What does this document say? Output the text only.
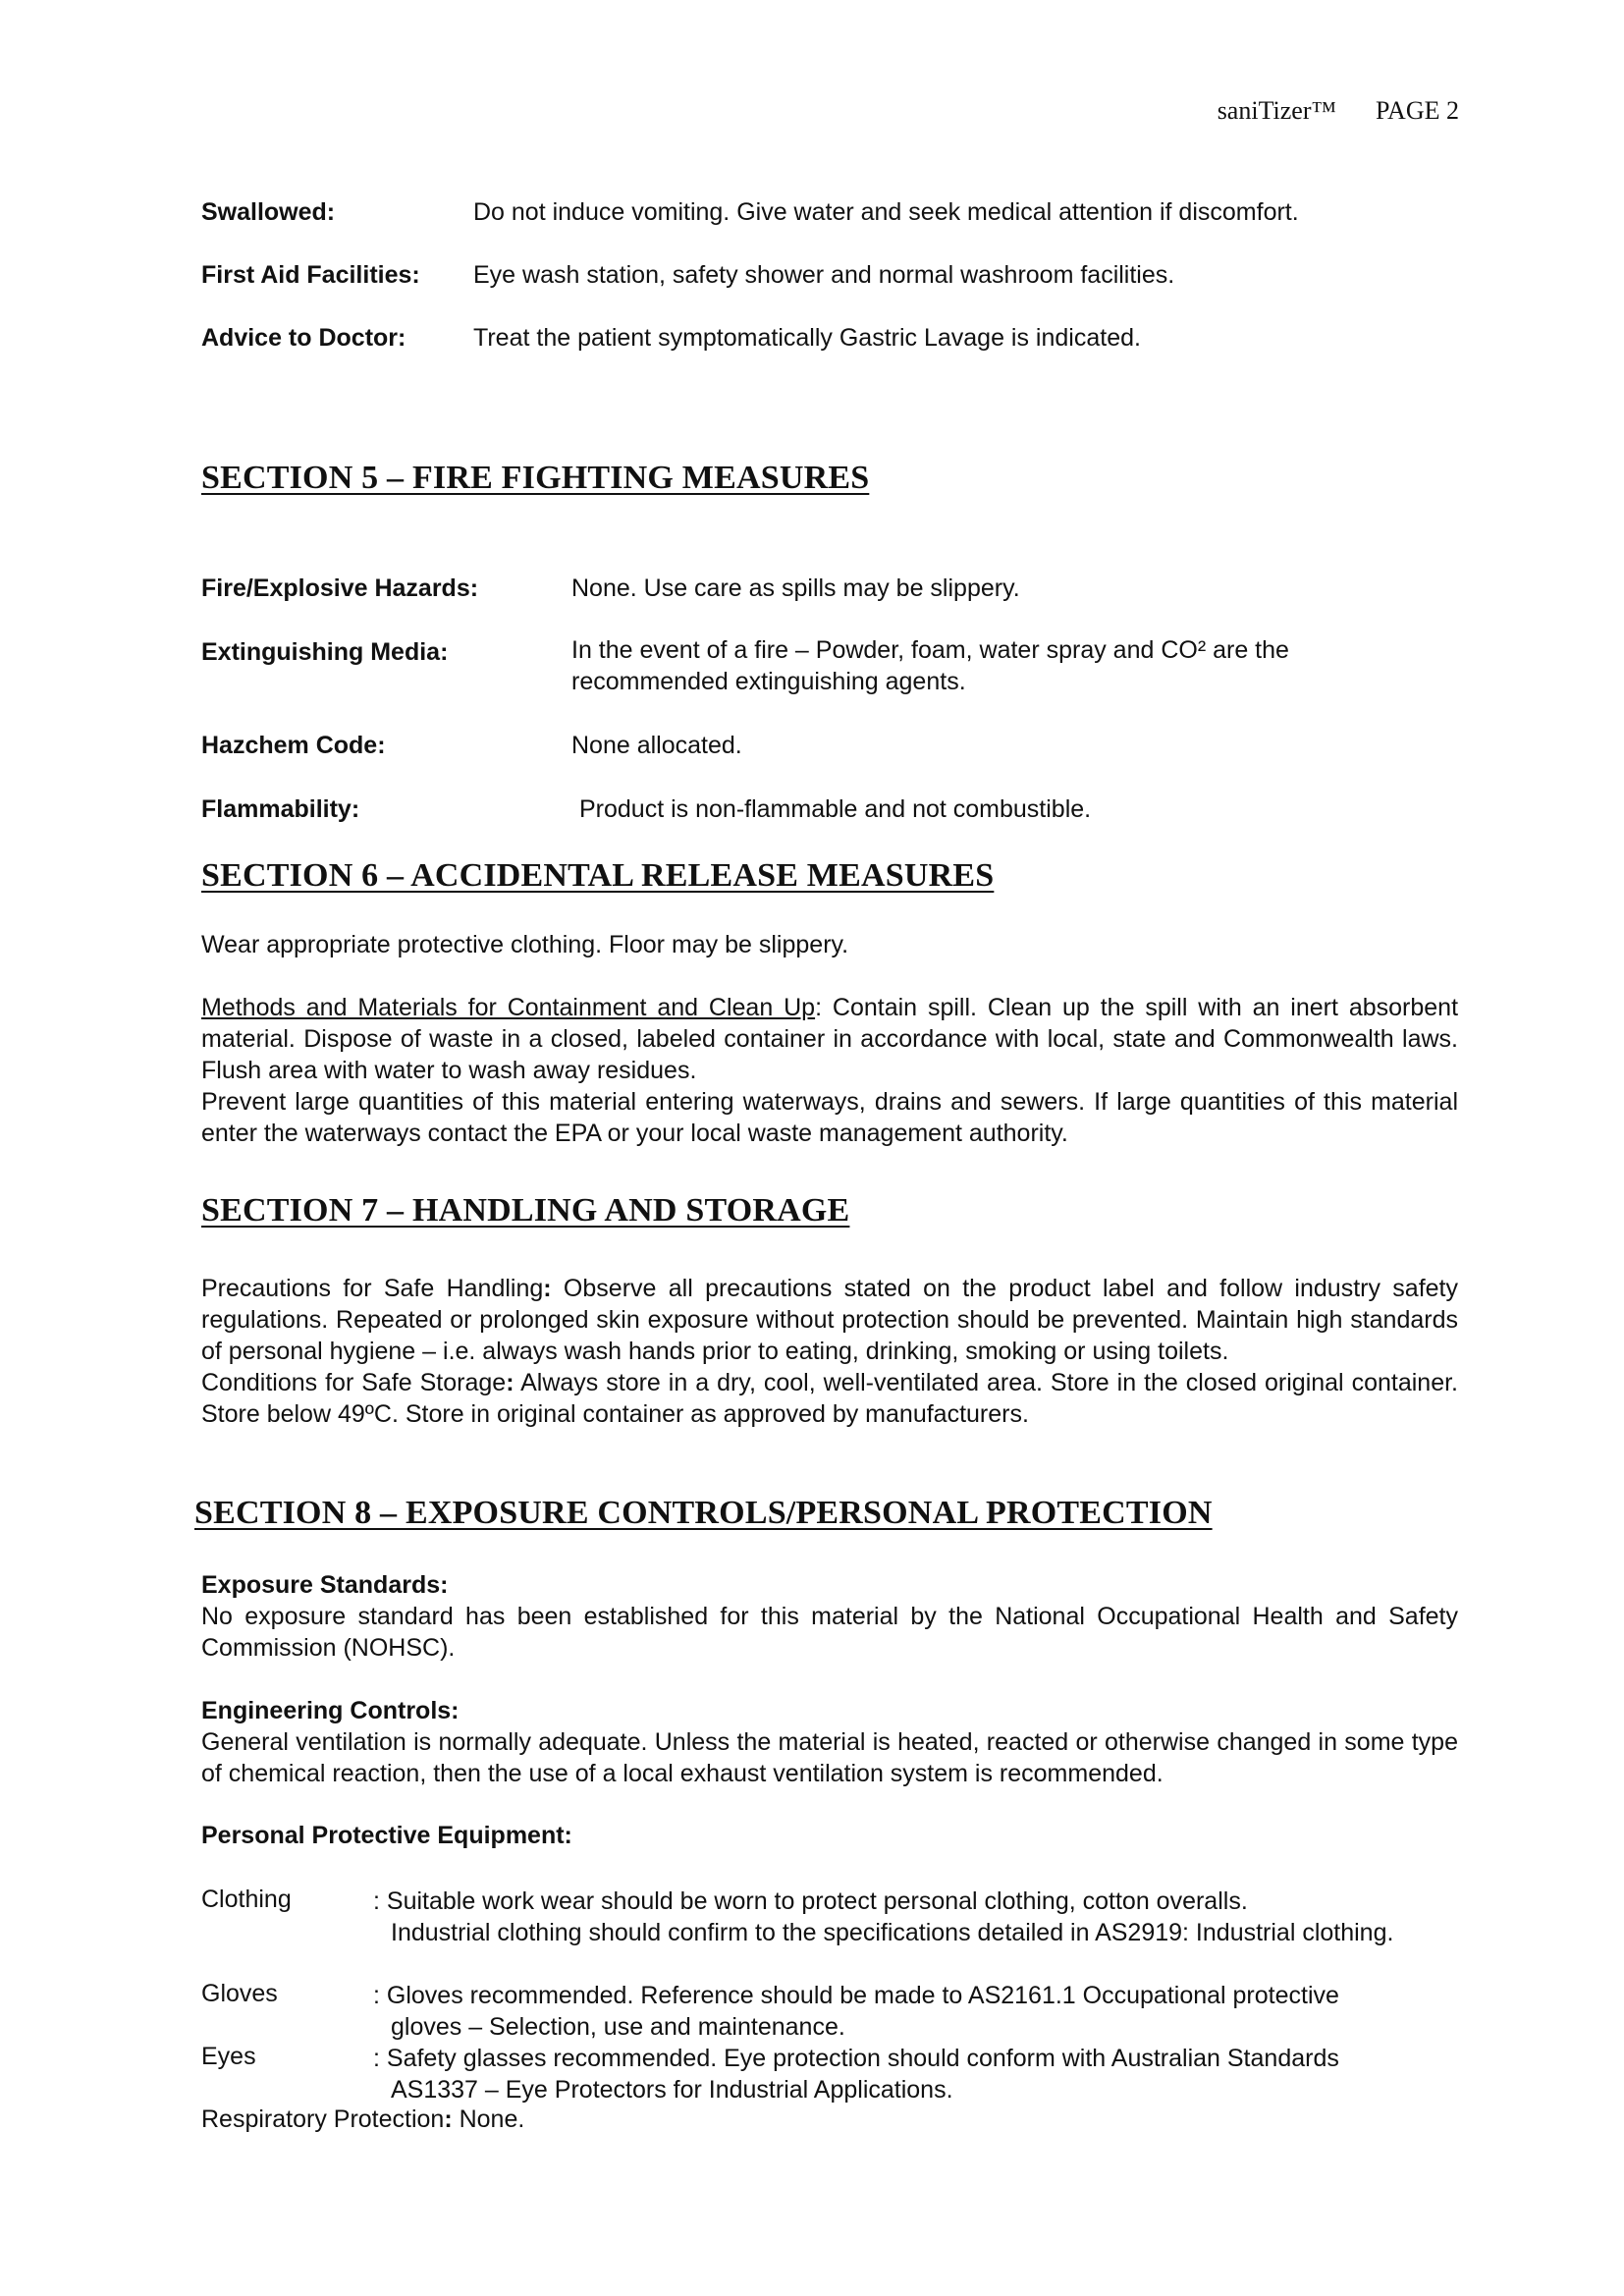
saniTizer™ PAGE 2
Swallowed:	Do not induce vomiting. Give water and seek medical attention if discomfort.
First Aid Facilities: Eye wash station, safety shower and normal washroom facilities.
Advice to Doctor:	Treat the patient symptomatically Gastric Lavage is indicated.
SECTION 5 – FIRE FIGHTING MEASURES
Fire/Explosive Hazards:	None. Use care as spills may be slippery.
Extinguishing Media:	In the event of a fire – Powder, foam, water spray and CO² are the
recommended extinguishing agents.
Hazchem Code:	None allocated.
Flammability:	Product is non-flammable and not combustible.
SECTION 6 – ACCIDENTAL RELEASE MEASURES

Wear appropriate protective clothing. Floor may be slippery.

Methods and Materials for Containment and Clean Up: Contain spill. Clean up the spill with an inert absorbent material. Dispose of waste in a closed, labeled container in accordance with local, state and Commonwealth laws. Flush area with water to wash away residues.

Prevent large quantities of this material entering waterways, drains and sewers. If large quantities of this material enter the waterways contact the EPA or your local waste management authority.

SECTION 7 – HANDLING AND STORAGE

Precautions for Safe Handling: Observe all precautions stated on the product label and follow industry safety regulations. Repeated or prolonged skin exposure without protection should be prevented. Maintain high standards of personal hygiene – i.e. always wash hands prior to eating, drinking, smoking or using toilets.

Conditions for Safe Storage: Always store in a dry, cool, well-ventilated area. Store in the closed original container. Store below 49ºC. Store in original container as approved by manufacturers.

SECTION 8 – EXPOSURE CONTROLS/PERSONAL PROTECTION

Exposure Standards:

No exposure standard has been established for this material by the National Occupational Health and Safety Commission (NOHSC).

Engineering Controls:

General ventilation is normally adequate. Unless the material is heated, reacted or otherwise changed in some type of chemical reaction, then the use of a local exhaust ventilation system is recommended.

Personal Protective Equipment:
Clothing	: Suitable work wear should be worn to protect personal clothing, cotton overalls.
Industrial clothing should confirm to the specifications detailed in AS2919: Industrial clothing.
Gloves	: Gloves recommended. Reference should be made to AS2161.1 Occupational protective
gloves – Selection, use and maintenance.
Eyes	: Safety glasses recommended. Eye protection should conform with Australian Standards
AS1337 – Eye Protectors for Industrial Applications.
Respiratory Protection: None.
